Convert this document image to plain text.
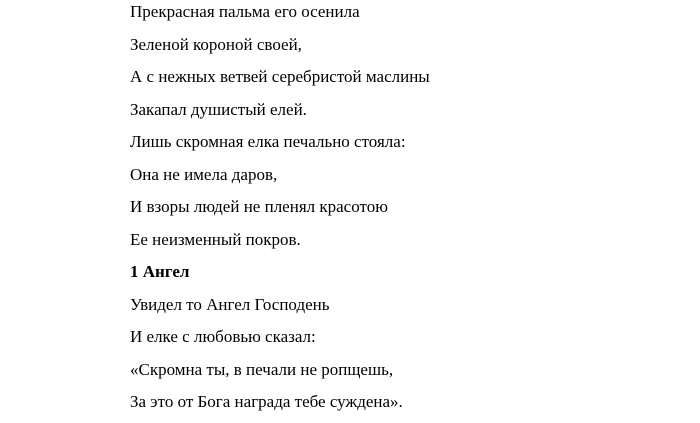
Прекрасная пальма его осенила
Зеленой короной своей,
А с нежных ветвей серебристой маслины
Закапал душистый елей.
Лишь скромная елка печально стояла:
Она не имела даров,
И взоры людей не пленял красотою
Ее неизменный покров.
1 Ангел
Увидел то Ангел Господень
И елке с любовью сказал:
«Скромна ты, в печали не ропщешь,
За это от Бога награда тебе суждена».
